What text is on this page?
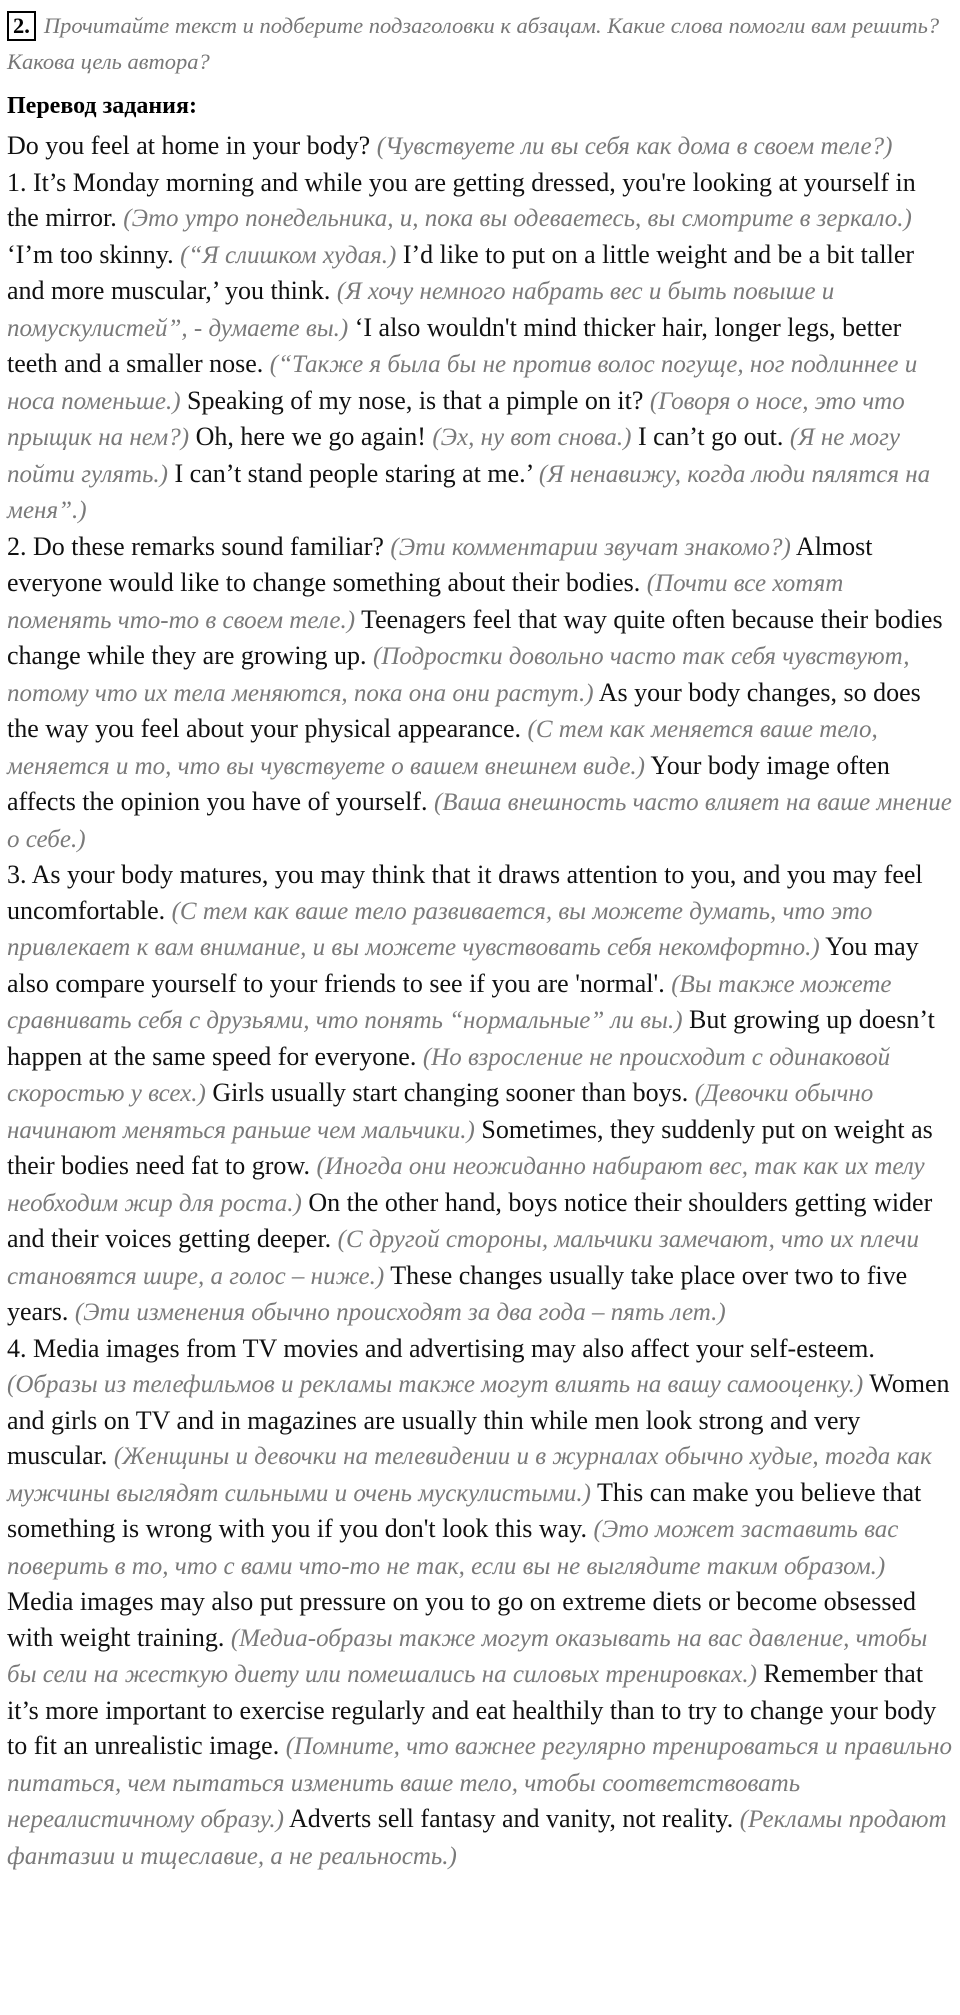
2. Прочитайте текст и подберите подзаголовки к абзацам. Какие слова помогли вам решить? Какова цель автора?

Перевод задания:

Do you feel at home in your body? (Чувствуете ли вы себя как дома в своем теле?)
1. It’s Monday morning and while you are getting dressed, you're looking at yourself in the mirror. (Это утро понедельника, и, пока вы одеваетесь, вы смотрите в зеркало.) ‘I’m too skinny. (“Я слишком худая.) I’d like to put on a little weight and be a bit taller and more muscular,’ you think. (Я хочу немного набрать вес и быть повыше и помускулистей”, - думаете вы.) ‘I also wouldn't mind thicker hair, longer legs, better teeth and a smaller nose. (“Также я была бы не против волос погуще, ног подлиннее и носа поменьше.) Speaking of my nose, is that a pimple on it? (Говоря о носе, это что прыщик на нем?) Oh, here we go again! (Эх, ну вот снова.) I can’t go out. (Я не могу пойти гулять.) I can’t stand people staring at me.’ (Я ненавижу, когда люди пялятся на меня”.)
2. Do these remarks sound familiar? (Эти комментарии звучат знакомо?) Almost everyone would like to change something about their bodies. (Почти все хотят поменять что-то в своем теле.) Teenagers feel that way quite often because their bodies change while they are growing up. (Подростки довольно часто так себя чувствуют, потому что их тела меняются, пока она они растут.) As your body changes, so does the way you feel about your physical appearance. (С тем как меняется ваше тело, меняется и то, что вы чувствуете о вашем внешнем виде.) Your body image often affects the opinion you have of yourself. (Ваша внешность часто влияет на ваше мнение о себе.)
3. As your body matures, you may think that it draws attention to you, and you may feel uncomfortable. (С тем как ваше тело развивается, вы можете думать, что это привлекает к вам внимание, и вы можете чувствовать себя некомфортно.) You may also compare yourself to your friends to see if you are 'normal'. (Вы также можете сравнивать себя с друзьями, что понять “нормальные” ли вы.) But growing up doesn’t happen at the same speed for everyone. (Но взросление не происходит с одинаковой скоростью у всех.) Girls usually start changing sooner than boys. (Девочки обычно начинают меняться раньше чем мальчики.) Sometimes, they suddenly put on weight as their bodies need fat to grow. (Иногда они неожиданно набирают вес, так как их телу необходим жир для роста.) On the other hand, boys notice their shoulders getting wider and their voices getting deeper. (С другой стороны, мальчики замечают, что их плечи становятся шире, а голос – ниже.) These changes usually take place over two to five years. (Эти изменения обычно происходят за два года – пять лет.)
4. Media images from TV movies and advertising may also affect your self-esteem. (Образы из телефильмов и рекламы также могут влиять на вашу самооценку.) Women and girls on TV and in magazines are usually thin while men look strong and very muscular. (Женщины и девочки на телевидении и в журналах обычно худые, тогда как мужчины выглядят сильными и очень мускулистыми.) This can make you believe that something is wrong with you if you don't look this way. (Это может заставить вас поверить в то, что с вами что-то не так, если вы не выглядите таким образом.) Media images may also put pressure on you to go on extreme diets or become obsessed with weight training. (Медиа-образы также могут оказывать на вас давление, чтобы бы сели на жесткую диету или помешались на силовых тренировках.) Remember that it’s more important to exercise regularly and eat healthily than to try to change your body to fit an unrealistic image. (Помните, что важнее регулярно тренироваться и правильно питаться, чем пытаться изменить ваше тело, чтобы соответствовать нереалистичному образу.) Adverts sell fantasy and vanity, not reality. (Рекламы продают фантазии и тщеславие, а не реальность.)
